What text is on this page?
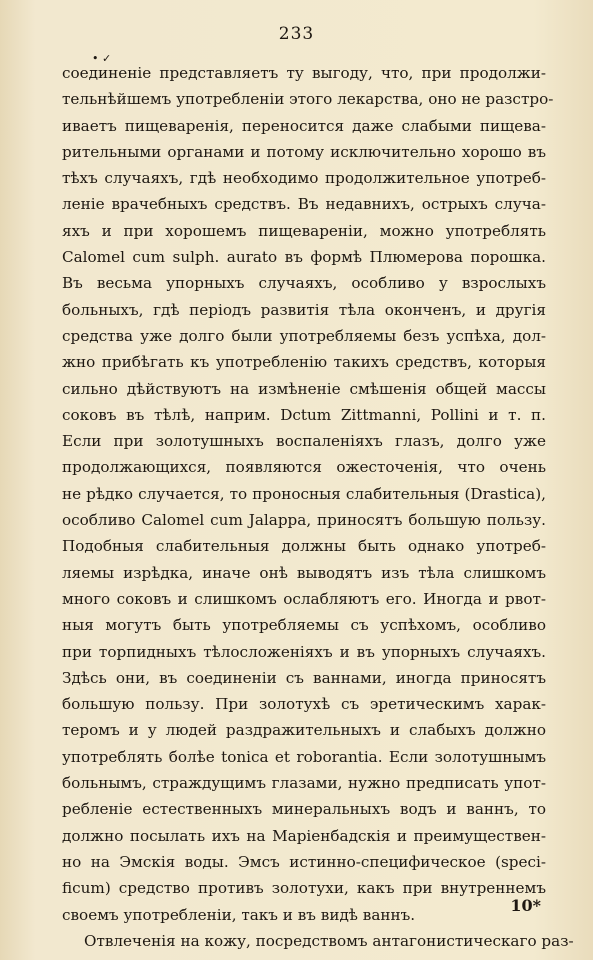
233
• ✓
соединенiе представляетъ ту выгоду, что, при продолжи-
тельнѣйшемъ употребленiи этого лекарства, оно не разстро-
иваетъ пищеваренiя, переносится даже слабыми пищева-
рительными органами и потому исключительно хорошо въ
тѣхъ случаяхъ, гдѣ необходимо продолжительное употреб-
ленiе врачебныхъ средствъ. Въ недавнихъ, острыхъ случа-
яхъ и при хорошемъ пищеваренiи, можно употреблять
Calomel cum sulph. aurato въ формѣ Плюмерова порошка.
Въ весьма упорныхъ случаяхъ, особливо у взрослыхъ
больныхъ, гдѣ перiодъ развитiя тѣла оконченъ, и другiя
средства уже долго были употребляемы безъ успѣха, дол-
жно прибѣгать къ употребленiю такихъ средствъ, которыя
сильно дѣйствуютъ на измѣненiе смѣшенiя общей массы
соковъ въ тѣлѣ, наприм. Dctum Zittmanni, Pollini и т. п.
Если при золотушныхъ воспаленiяхъ глазъ, долго уже
продолжающихся, появляются ожесточенiя, что очень
не рѣдко случается, то проносныя слабительныя (Drastica),
особливо Calomel cum Jalappa, приносятъ большую пользу.
Подобныя слабительныя должны быть однако употреб-
ляемы изрѣдка, иначе онѣ выводятъ изъ тѣла слишкомъ
много соковъ и слишкомъ ослабляютъ его. Иногда и рвот-
ныя могутъ быть употребляемы съ успѣхомъ, особливо
при торпидныхъ тѣлосложенiяхъ и въ упорныхъ случаяхъ.
Здѣсь они, въ соединенiи съ ваннами, иногда приносятъ
большую пользу. При золотухѣ съ эретическимъ харак-
теромъ и у людей раздражительныхъ и слабыхъ должно
употреблять болѣе tonica et roborantia. Если золотушнымъ
больнымъ, страждущимъ глазами, нужно предписать упот-
ребленiе естественныхъ минеральныхъ водъ и ваннъ, то
должно посылать ихъ на Марiенбадскiя и преимуществен-
но на Эмскiя воды. Эмсъ истинно-специфическое (speci-
ficum) средство противъ золотухи, какъ при внутреннемъ
своемъ употребленiи, такъ и въ видѣ ваннъ.
Отвлеченiя на кожу, посредствомъ антагонистическаго раз-
10*
